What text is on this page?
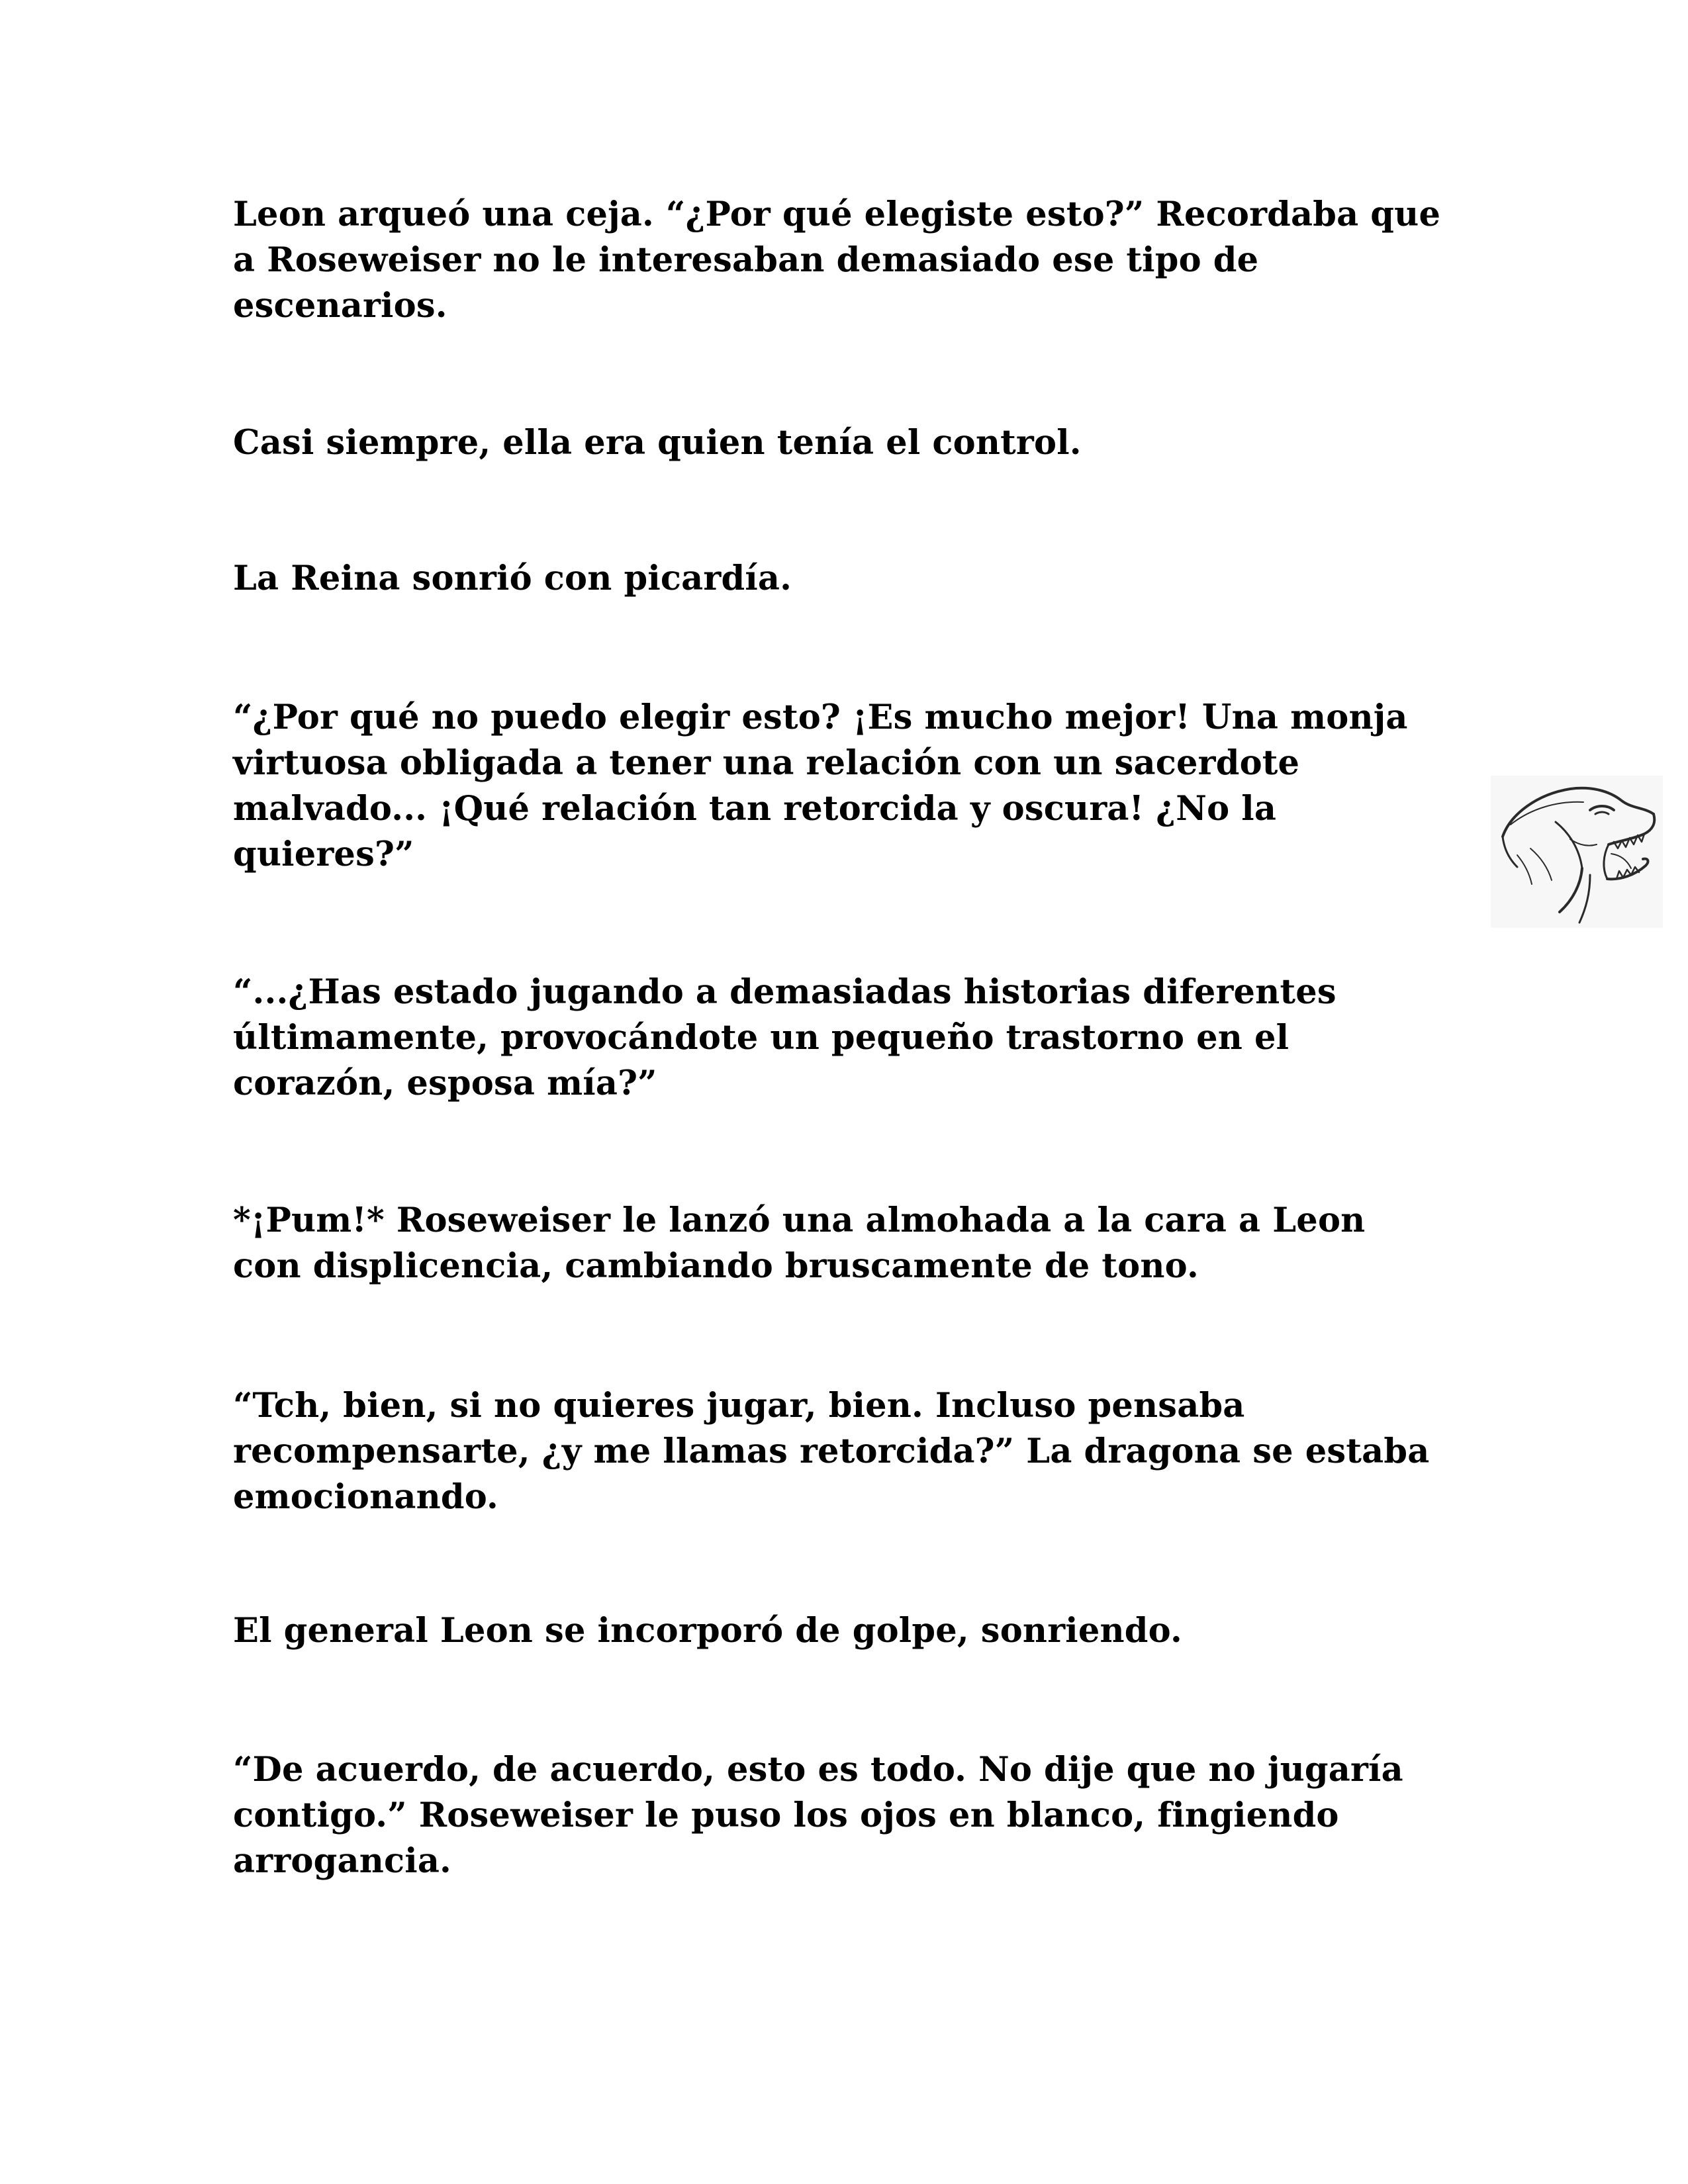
Leon arqueó una ceja. “¿Por qué elegiste esto?” Recordaba que
a Roseweiser no le interesaban demasiado ese tipo de
escenarios.

Casi siempre, ella era quien tenía el control.

La Reina sonrió con picardía.

“¿Por qué no puedo elegir esto? ¡Es mucho mejor! Una monja
virtuosa obligada a tener una relación con un sacerdote
malvado... ¡Qué relación tan retorcida y oscura! ¿No la
quieres?”

“...¿Has estado jugando a demasiadas historias diferentes
últimamente, provocándote un pequeño trastorno en el
corazón, esposa mía?”

*¡Pum!* Roseweiser le lanzó una almohada a la cara a Leon
con displicencia, cambiando bruscamente de tono.

“Tch, bien, si no quieres jugar, bien. Incluso pensaba
recompensarte, ¿y me llamas retorcida?” La dragona se estaba
emocionando.

El general Leon se incorporó de golpe, sonriendo.

“De acuerdo, de acuerdo, esto es todo. No dije que no jugaría
contigo.” Roseweiser le puso los ojos en blanco, fingiendo
arrogancia.
